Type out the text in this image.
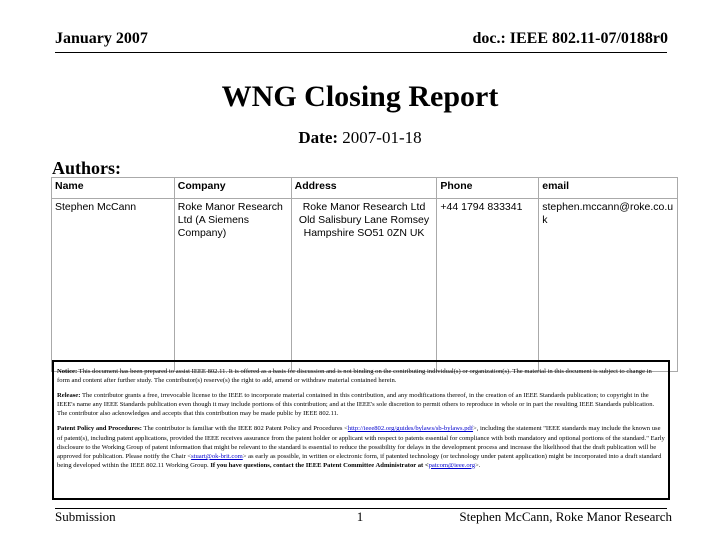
January 2007	doc.: IEEE 802.11-07/0188r0
WNG Closing Report
Date: 2007-01-18
Authors:
Name	Company	Address	Phone	email
Stephen McCann	Roke Manor Research Ltd (A Siemens Company)	Roke Manor Research Ltd Old Salisbury Lane Romsey Hampshire SO51 0ZN UK	+44 1794 833341	stephen.mccann@roke.co.uk

Notice: This document has been prepared to assist IEEE 802.11. It is offered as a basis for discussion and is not binding on the contributing individual(s) or organization(s). The material in this document is subject to change in form and content after further study. The contributor(s) reserve(s) the right to add, amend or withdraw material contained herein.

Release: The contributor grants a free, irrevocable license to the IEEE to incorporate material contained in this contribution, and any modifications thereof, in the creation of an IEEE Standards publication; to copyright in the IEEE's name any IEEE Standards publication even though it may include portions of this contribution; and at the IEEE's sole discretion to permit others to reproduce in whole or in part the resulting IEEE Standards publication. The contributor also acknowledges and accepts that this contribution may be made public by IEEE 802.11.

Patent Policy and Procedures: The contributor is familiar with the IEEE 802 Patent Policy and Procedures <http://ieee802.org/guides/bylaws/sb-bylaws.pdf>, including the statement "IEEE standards may include the known use of patent(s), including patent applications, provided the IEEE receives assurance from the patent holder or applicant with respect to patents essential for compliance with both mandatory and optional portions of the standard." Early disclosure to the Working Group of patent information that might be relevant to the standard is essential to reduce the possibility for delays in the development process and increase the likelihood that the draft publication will be approved for publication. Please notify the Chair <stuart@ok-brit.com> as early as possible, in written or electronic form, if patented technology (or technology under patent application) might be incorporated into a draft standard being developed within the IEEE 802.11 Working Group. If you have questions, contact the IEEE Patent Committee Administrator at <patcom@ieee.org>.

Submission	1	Stephen McCann, Roke Manor Research
